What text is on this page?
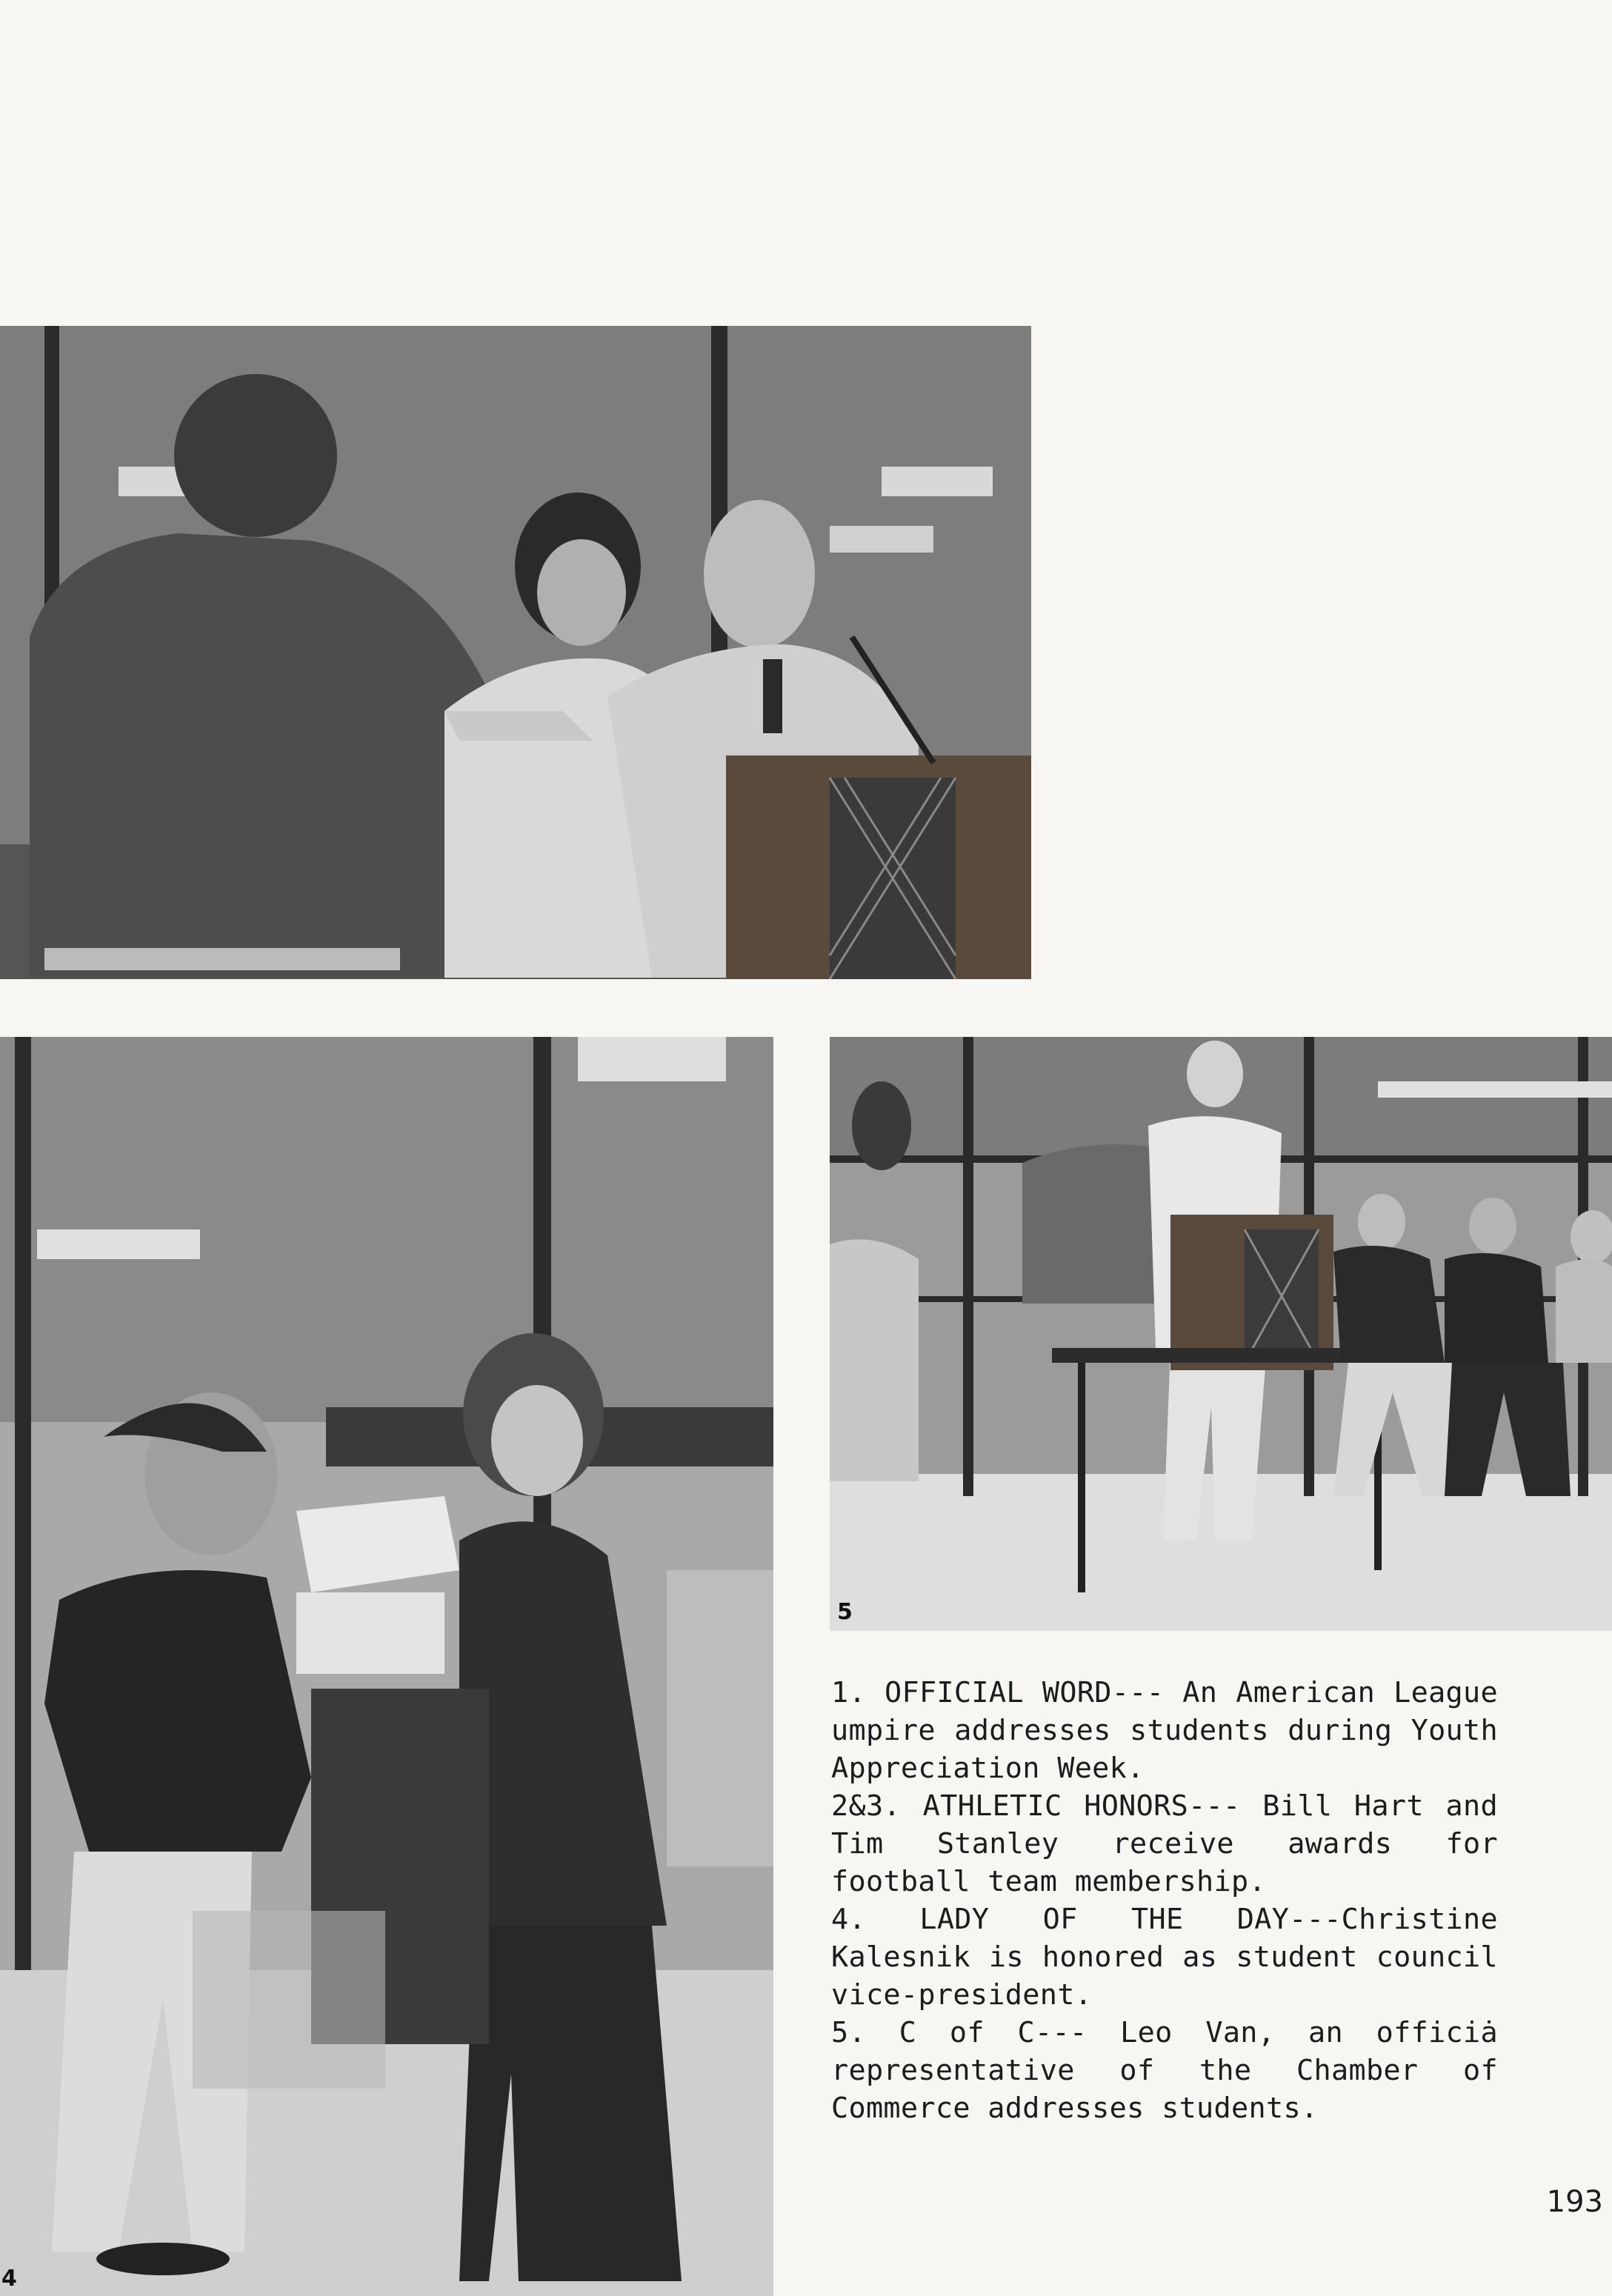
4
5

1. OFFICIAL WORD--- An American League umpire addresses students during Youth Appreciation Week.

2&3. ATHLETIC HONORS--- Bill Hart and Tim Stanley receive awards for football team membership.

4. LADY OF THE DAY---Christine Kalesnik is honored as student council vice-president.

5. C of C--- Leo Van, an officiȧ representative of the Chamber of Commerce addresses students.

193
